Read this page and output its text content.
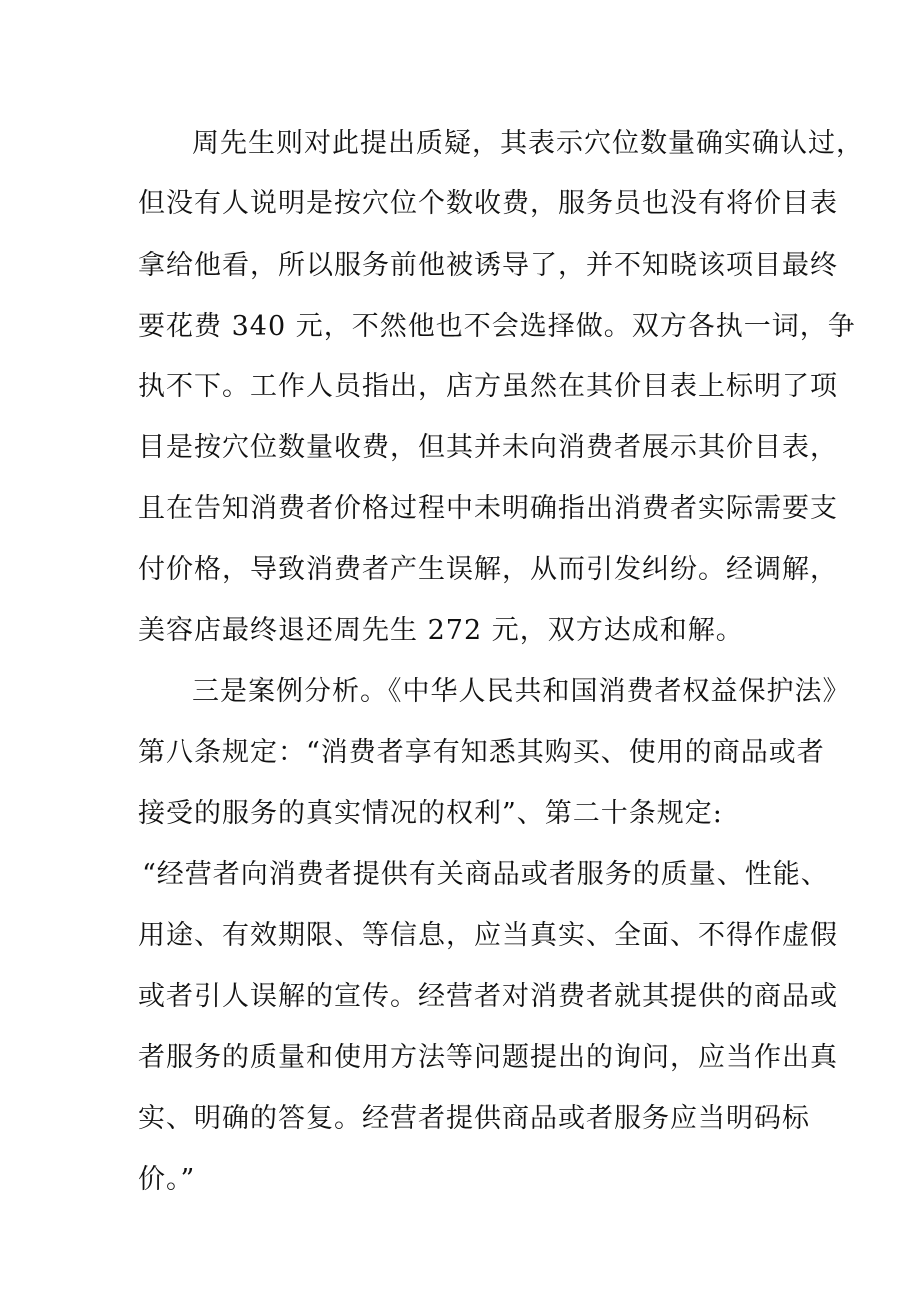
周先生则对此提出质疑，其表示穴位数量确实确认过，
但没有人说明是按穴位个数收费，服务员也没有将价目表
拿给他看，所以服务前他被诱导了，并不知晓该项目最终
要花费 340 元，不然他也不会选择做。双方各执一词，争
执不下。工作人员指出，店方虽然在其价目表上标明了项
目是按穴位数量收费，但其并未向消费者展示其价目表，
且在告知消费者价格过程中未明确指出消费者实际需要支
付价格，导致消费者产生误解，从而引发纠纷。经调解，
美容店最终退还周先生 272 元，双方达成和解。
三是案例分析。《中华人民共和国消费者权益保护法》
第八条规定：“消费者享有知悉其购买、使用的商品或者
接受的服务的真实情况的权利”、第二十条规定:
“经营者向消费者提供有关商品或者服务的质量、性能、
用途、有效期限、等信息，应当真实、全面、不得作虚假
或者引人误解的宣传。经营者对消费者就其提供的商品或
者服务的质量和使用方法等问题提出的询问，应当作出真
实、明确的答复。经营者提供商品或者服务应当明码标
价。”
